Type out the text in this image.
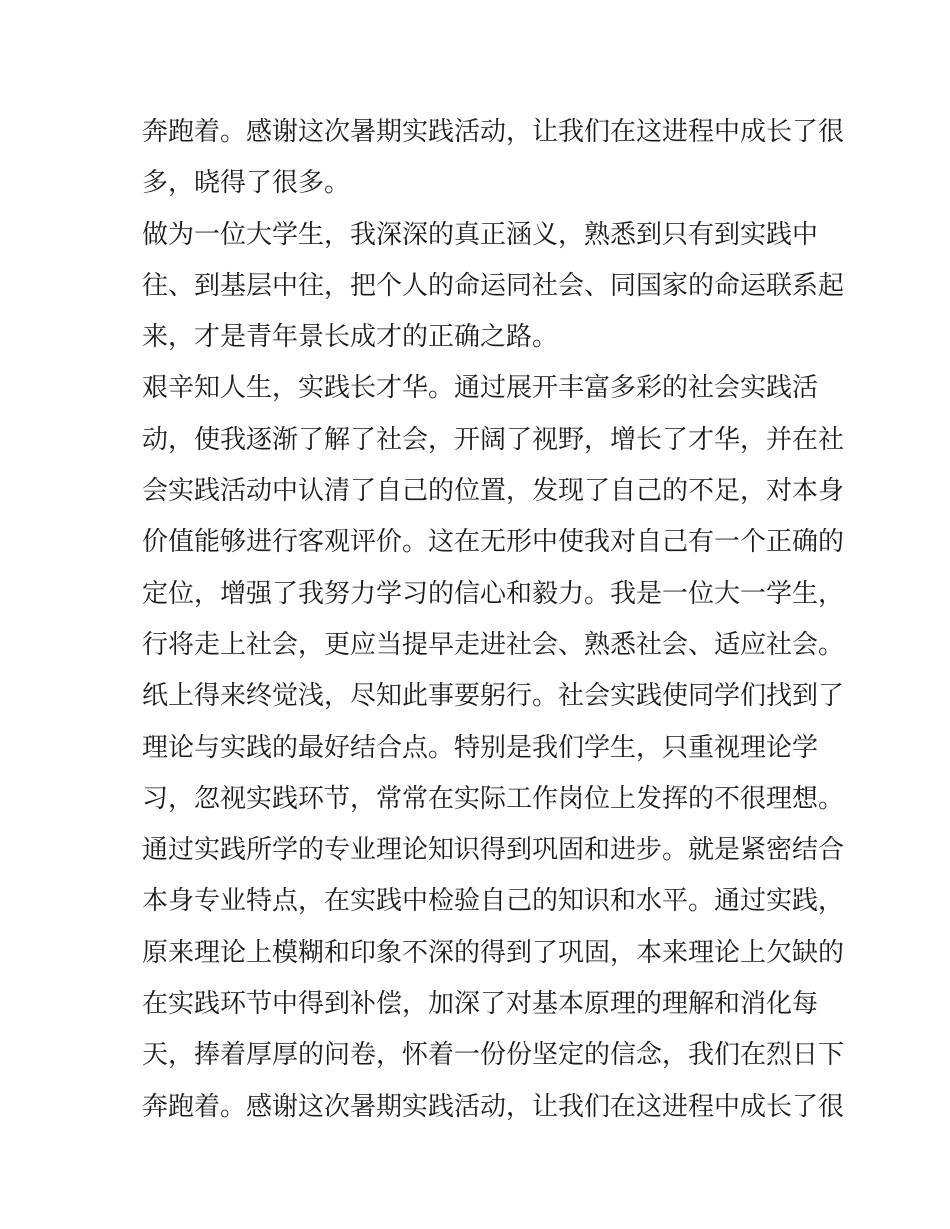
奔跑着。感谢这次暑期实践活动，让我们在这进程中成长了很
多，晓得了很多。
做为一位大学生，我深深的真正涵义，熟悉到只有到实践中
往、到基层中往，把个人的命运同社会、同国家的命运联系起
来，才是青年景长成才的正确之路。
艰辛知人生，实践长才华。通过展开丰富多彩的社会实践活
动，使我逐渐了解了社会，开阔了视野，增长了才华，并在社
会实践活动中认清了自己的位置，发现了自己的不足，对本身
价值能够进行客观评价。这在无形中使我对自己有一个正确的
定位，增强了我努力学习的信心和毅力。我是一位大一学生，
行将走上社会，更应当提早走进社会、熟悉社会、适应社会。
纸上得来终觉浅，尽知此事要躬行。社会实践使同学们找到了
理论与实践的最好结合点。特别是我们学生，只重视理论学
习，忽视实践环节，常常在实际工作岗位上发挥的不很理想。
通过实践所学的专业理论知识得到巩固和进步。就是紧密结合
本身专业特点，在实践中检验自己的知识和水平。通过实践，
原来理论上模糊和印象不深的得到了巩固，本来理论上欠缺的
在实践环节中得到补偿，加深了对基本原理的理解和消化每
天，捧着厚厚的问卷，怀着一份份坚定的信念，我们在烈日下
奔跑着。感谢这次暑期实践活动，让我们在这进程中成长了很
